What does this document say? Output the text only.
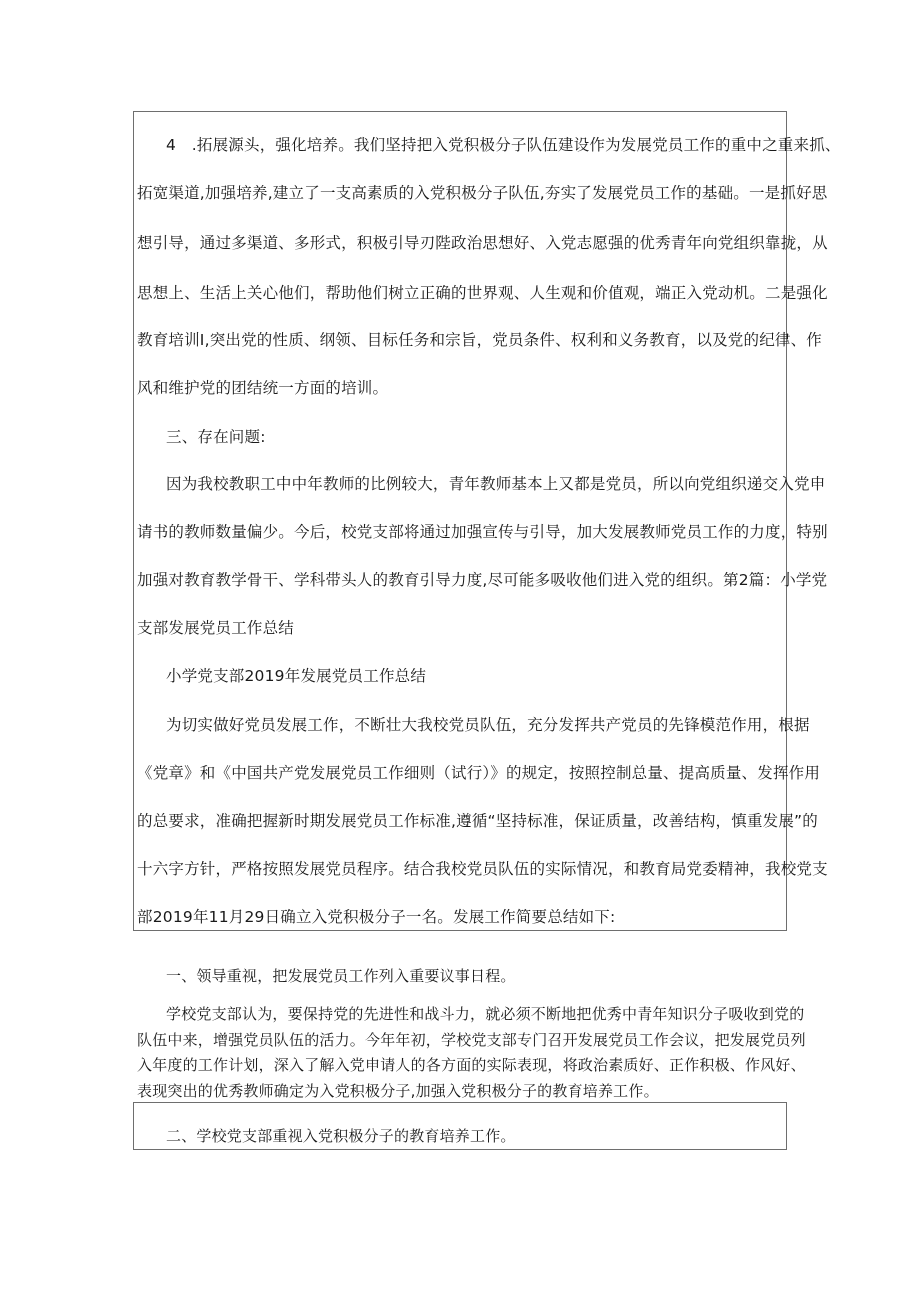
4　.拓展源头，强化培养。我们坚持把入党积极分子队伍建设作为发展党员工作的重中之重来抓、
拓宽渠道,加强培养,建立了一支高素质的入党积极分子队伍,夯实了发展党员工作的基础。一是抓好思
想引导，通过多渠道、多形式，积极引导刃陛政治思想好、入党志愿强的优秀青年向党组织靠拢，从
思想上、生活上关心他们，帮助他们树立正确的世界观、人生观和价值观，端正入党动机。二是强化
教育培训I,突出党的性质、纲领、目标任务和宗旨，党员条件、权利和义务教育，以及党的纪律、作
风和维护党的团结统一方面的培训。
三、存在问题:
因为我校教职工中中年教师的比例较大，青年教师基本上又都是党员，所以向党组织递交入党申
请书的教师数量偏少。今后，校党支部将通过加强宣传与引导，加大发展教师党员工作的力度，特别
加强对教育教学骨干、学科带头人的教育引导力度,尽可能多吸收他们进入党的组织。第2篇：小学党
支部发展党员工作总结
小学党支部2019年发展党员工作总结
为切实做好党员发展工作，不断壮大我校党员队伍，充分发挥共产党员的先锋模范作用，根据
《党章》和《中国共产党发展党员工作细则（试行）》的规定，按照控制总量、提高质量、发挥作用
的总要求，准确把握新时期发展党员工作标准,遵循“坚持标准，保证质量，改善结构，慎重发展”的
十六字方针，严格按照发展党员程序。结合我校党员队伍的实际情况，和教育局党委精神，我校党支
部2019年11月29日确立入党积极分子一名。发展工作简要总结如下:
一、领导重视，把发展党员工作列入重要议事日程。
学校党支部认为，要保持党的先进性和战斗力，就必须不断地把优秀中青年知识分子吸收到党的
队伍中来，增强党员队伍的活力。今年年初，学校党支部专门召开发展党员工作会议，把发展党员列
入年度的工作计划，深入了解入党申请人的各方面的实际表现，将政治素质好、正作积极、作风好、
表现突出的优秀教师确定为入党积极分子,加强入党积极分子的教育培养工作。
二、学校党支部重视入党积极分子的教育培养工作。
